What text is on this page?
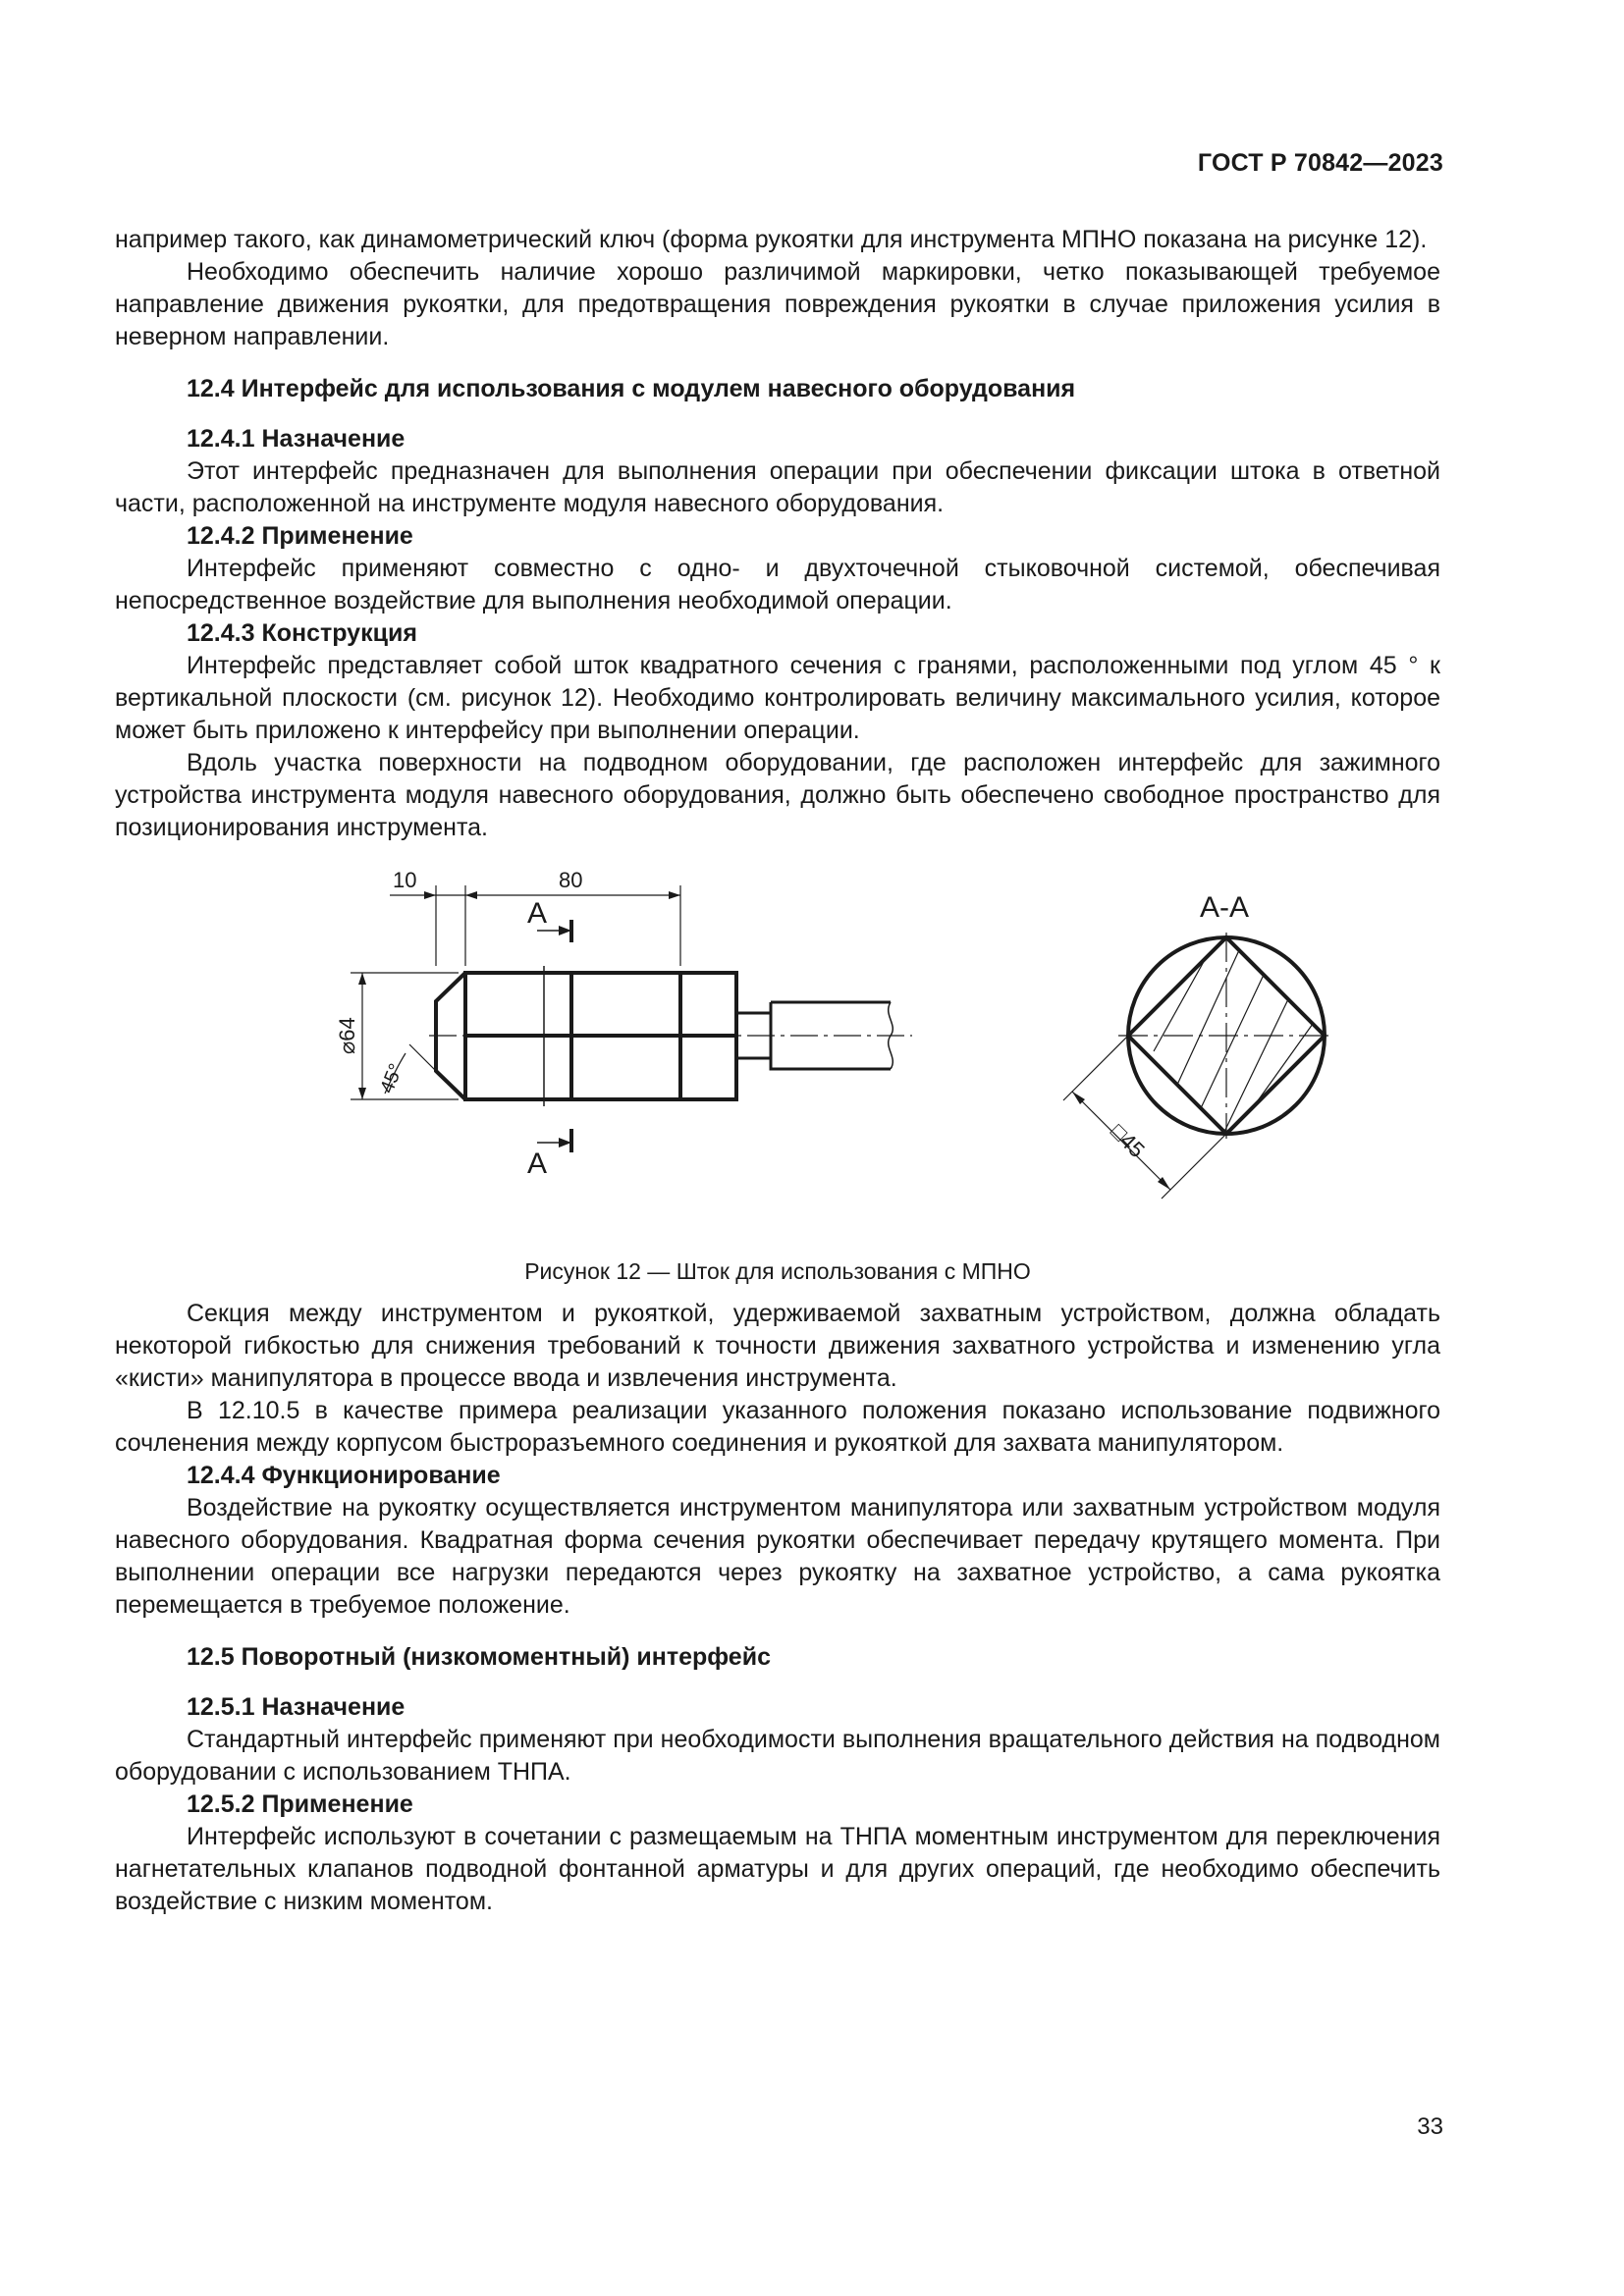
ГОСТ Р 70842—2023

например такого, как динамометрический ключ (форма рукоятки для инструмента МПНО показана на рисунке 12).

Необходимо обеспечить наличие хорошо различимой маркировки, четко показывающей требуемое направление движения рукоятки, для предотвращения повреждения рукоятки в случае приложения усилия в неверном направлении.

12.4 Интерфейс для использования с модулем навесного оборудования

12.4.1 Назначение

Этот интерфейс предназначен для выполнения операции при обеспечении фиксации штока в ответной части, расположенной на инструменте модуля навесного оборудования.

12.4.2 Применение

Интерфейс применяют совместно с одно- и двухточечной стыковочной системой, обеспечивая непосредственное воздействие для выполнения необходимой операции.

12.4.3 Конструкция

Интерфейс представляет собой шток квадратного сечения с гранями, расположенными под углом 45 ° к вертикальной плоскости (см. рисунок 12). Необходимо контролировать величину максимального усилия, которое может быть приложено к интерфейсу при выполнении операции.

Вдоль участка поверхности на подводном оборудовании, где расположен интерфейс для зажимного устройства инструмента модуля навесного оборудования, должно быть обеспечено свободное пространство для позиционирования инструмента.

А
А
10	80
⌀64
45°
А-А
□45
Рисунок 12 — Шток для использования с МПНО

Секция между инструментом и рукояткой, удерживаемой захватным устройством, должна обладать некоторой гибкостью для снижения требований к точности движения захватного устройства и изменению угла «кисти» манипулятора в процессе ввода и извлечения инструмента.

В 12.10.5 в качестве примера реализации указанного положения показано использование подвижного сочленения между корпусом быстроразъемного соединения и рукояткой для захвата манипулятором.

12.4.4 Функционирование

Воздействие на рукоятку осуществляется инструментом манипулятора или захватным устройством модуля навесного оборудования. Квадратная форма сечения рукоятки обеспечивает передачу крутящего момента. При выполнении операции все нагрузки передаются через рукоятку на захватное устройство, а сама рукоятка перемещается в требуемое положение.

12.5 Поворотный (низкомоментный) интерфейс

12.5.1 Назначение

Стандартный интерфейс применяют при необходимости выполнения вращательного действия на подводном оборудовании с использованием ТНПА.

12.5.2 Применение

Интерфейс используют в сочетании с размещаемым на ТНПА моментным инструментом для переключения нагнетательных клапанов подводной фонтанной арматуры и для других операций, где необходимо обеспечить воздействие с низким моментом.

33
